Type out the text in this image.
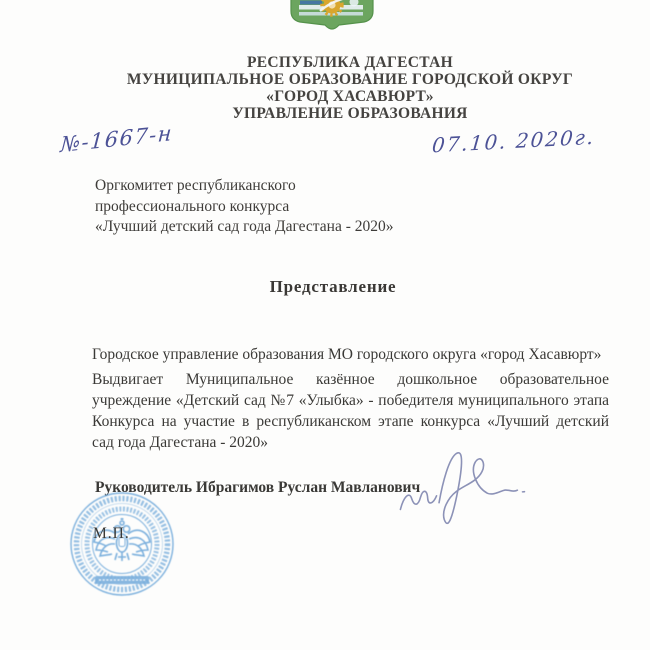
РЕСПУБЛИКА ДАГЕСТАН
МУНИЦИПАЛЬНОЕ ОБРАЗОВАНИЕ ГОРОДСКОЙ ОКРУГ
«ГОРОД ХАСАВЮРТ»
УПРАВЛЕНИЕ ОБРАЗОВАНИЯ
№-1667-н	07.10. 2020г.
Оргкомитет республиканского
профессионального конкурса
«Лучший детский сад года Дагестана - 2020»
Представление

Городское управление образования МО городского округа «город Хасавюрт»

Выдвигает Муниципальное казённое дошкольное образовательное учреждение «Детский сад №7 «Улыбка» - победителя муниципального этапа Конкурса на участие в республиканском этапе конкурса «Лучший детский сад года Дагестана - 2020»

Руководитель Ибрагимов Руслан Мавланович
М.П.
